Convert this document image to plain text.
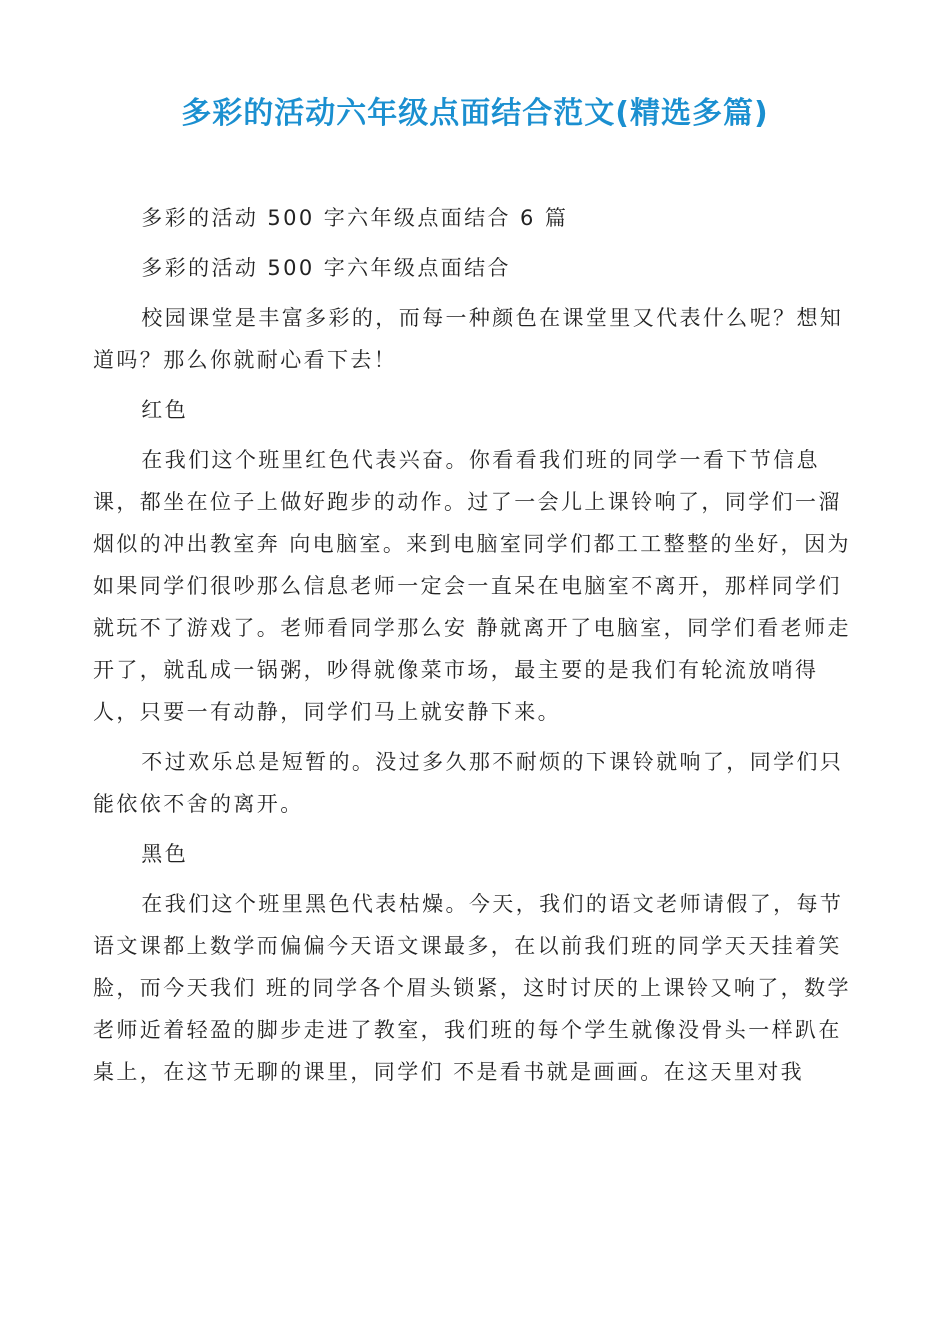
多彩的活动六年级点面结合范文(精选多篇)

多彩的活动 500 字六年级点面结合 6 篇

多彩的活动 500 字六年级点面结合

校园课堂是丰富多彩的，而每一种颜色在课堂里又代表什么呢？想知道吗？那么你就耐心看下去！

红色

在我们这个班里红色代表兴奋。你看看我们班的同学一看下节信息课，都坐在位子上做好跑步的动作。过了一会儿上课铃响了，同学们一溜烟似的冲出教室奔 向电脑室。来到电脑室同学们都工工整整的坐好，因为如果同学们很吵那么信息老师一定会一直呆在电脑室不离开，那样同学们就玩不了游戏了。老师看同学那么安 静就离开了电脑室，同学们看老师走开了，就乱成一锅粥，吵得就像菜市场，最主要的是我们有轮流放哨得人，只要一有动静，同学们马上就安静下来。

不过欢乐总是短暂的。没过多久那不耐烦的下课铃就响了，同学们只能依依不舍的离开。

黑色

在我们这个班里黑色代表枯燥。今天，我们的语文老师请假了，每节语文课都上数学而偏偏今天语文课最多，在以前我们班的同学天天挂着笑脸，而今天我们 班的同学各个眉头锁紧，这时讨厌的上课铃又响了，数学老师近着轻盈的脚步走进了教室，我们班的每个学生就像没骨头一样趴在桌上，在这节无聊的课里，同学们 不是看书就是画画。在这天里对我
